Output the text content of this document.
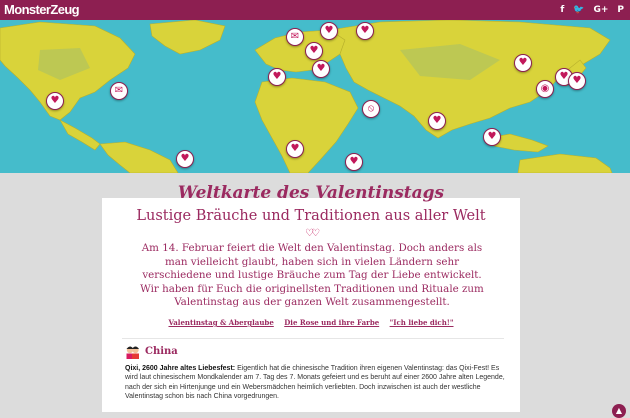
MonsterZeug	f 🐦 G+ P
✉
♥
♥
♥
♥
♥
✉
♥
♥
♥
♥
⦸
♥
♥
♥
♥
◉
♥
Weltkarte des Valentinstags
Lustige Bräuche und Traditionen aus aller Welt
♡♡
Am 14. Februar feiert die Welt den Valentinstag. Doch anders als man vielleicht glaubt, haben sich in vielen Ländern sehr verschiedene und lustige Bräuche zum Tag der Liebe entwickelt. Wir haben für Euch die originellsten Traditionen und Rituale zum Valentinstag aus der ganzen Welt zusammengestellt.
Valentinstag & Aberglaube Die Rose und ihre Farbe "Ich liebe dich!"
China
Qixi, 2600 Jahre altes Liebesfest: Eigentlich hat die chinesische Tradition ihren eigenen Valentinstag: das Qixi-Fest! Es wird laut chinesischem Mondkalender am 7. Tag des 7. Monats gefeiert und es beruht auf einer 2600 Jahre alten Legende, nach der sich ein Hirtenjunge und ein Webersmädchen heimlich verliebten. Doch inzwischen ist auch der westliche Valentinstag schon bis nach China vorgedrungen.
▲
